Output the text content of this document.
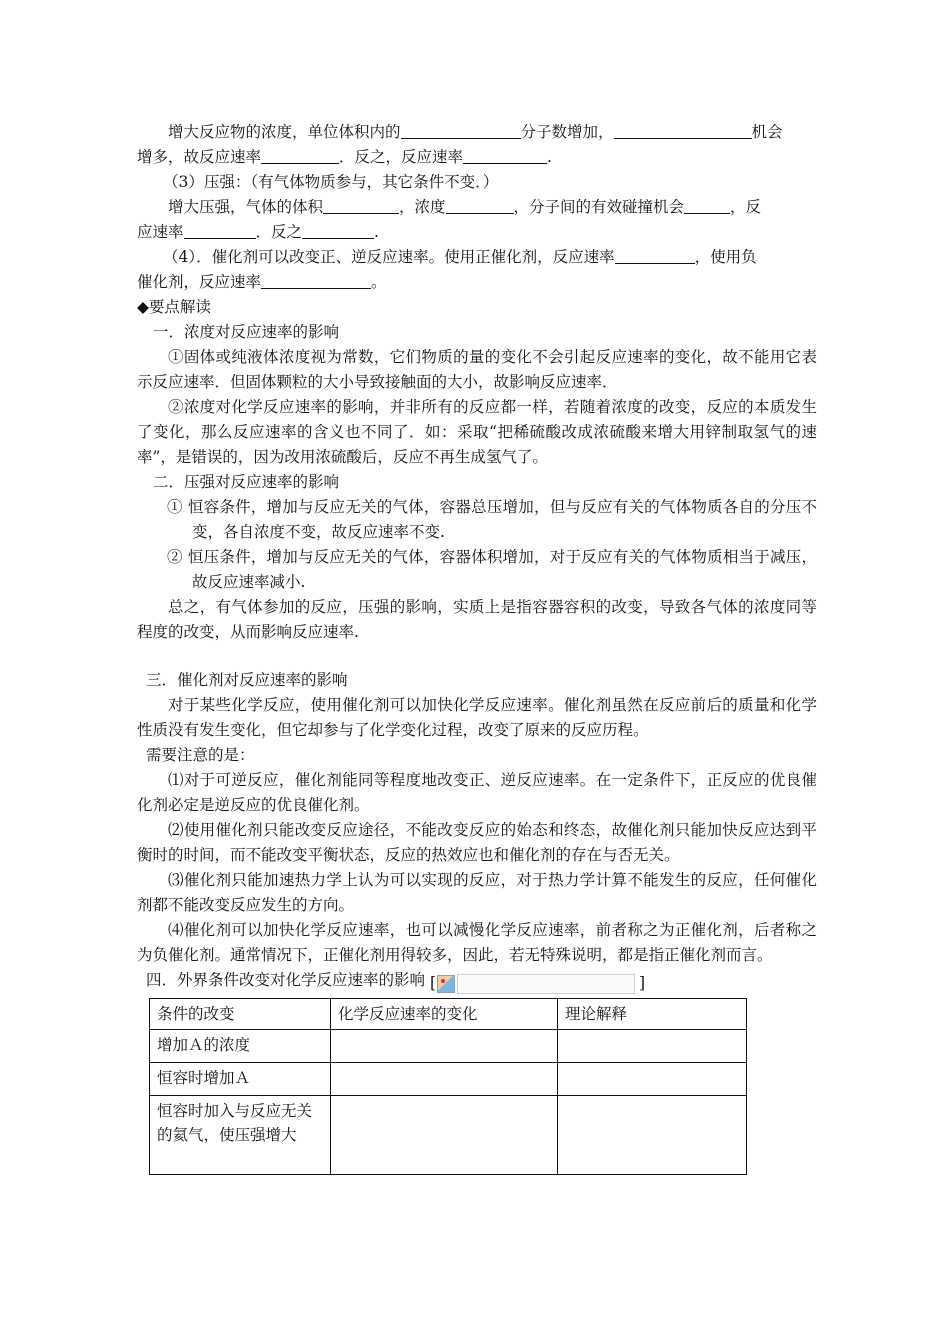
增大反应物的浓度，单位体积内的	分子数增加，	机会

增多，故反应速率	．反之，反应速率	.

（3）压强：（有气体物质参与，其它条件不变．）

增大压强，气体的体积	，浓度	，分子间的有效碰撞机会	，反

应速率	．反之	.

（4）．催化剂可以改变正、逆反应速率。使用正催化剂，反应速率	，使用负

催化剂，反应速率	。

◆要点解读

一．浓度对反应速率的影响

①固体或纯液体浓度视为常数，它们物质的量的变化不会引起反应速率的变化，故不能用它表示反应速率．但固体颗粒的大小导致接触面的大小，故影响反应速率．

②浓度对化学反应速率的影响，并非所有的反应都一样，若随着浓度的改变，反应的本质发生了变化，那么反应速率的含义也不同了．如：采取“把稀硫酸改成浓硫酸来增大用锌制取氢气的速率”，是错误的，因为改用浓硫酸后，反应不再生成氢气了。

二．压强对反应速率的影响

① 恒容条件，增加与反应无关的气体，容器总压增加，但与反应有关的气体物质各自的分压不变，各自浓度不变，故反应速率不变.

② 恒压条件，增加与反应无关的气体，容器体积增加，对于反应有关的气体物质相当于减压，故反应速率减小.

总之，有气体参加的反应，压强的影响，实质上是指容器容积的改变，导致各气体的浓度同等程度的改变，从而影响反应速率.

三．催化剂对反应速率的影响

对于某些化学反应，使用催化剂可以加快化学反应速率。催化剂虽然在反应前后的质量和化学性质没有发生变化，但它却参与了化学变化过程，改变了原来的反应历程。

需要注意的是：

⑴对于可逆反应，催化剂能同等程度地改变正、逆反应速率。在一定条件下，正反应的优良催化剂必定是逆反应的优良催化剂。

⑵使用催化剂只能改变反应途径，不能改变反应的始态和终态，故催化剂只能加快反应达到平衡时的时间，而不能改变平衡状态，反应的热效应也和催化剂的存在与否无关。

⑶催化剂只能加速热力学上认为可以实现的反应，对于热力学计算不能发生的反应，任何催化剂都不能改变反应发生的方向。

⑷催化剂可以加快化学反应速率，也可以减慢化学反应速率，前者称之为正催化剂，后者称之为负催化剂。通常情况下，正催化剂用得较多，因此，若无特殊说明，都是指正催化剂而言。

四．外界条件改变对化学反应速率的影响 [	]

条件的改变	化学反应速率的变化	理论解释
增加Ａ的浓度		
恒容时增加Ａ		
恒容时加入与反应无关的氦气，使压强增大		
